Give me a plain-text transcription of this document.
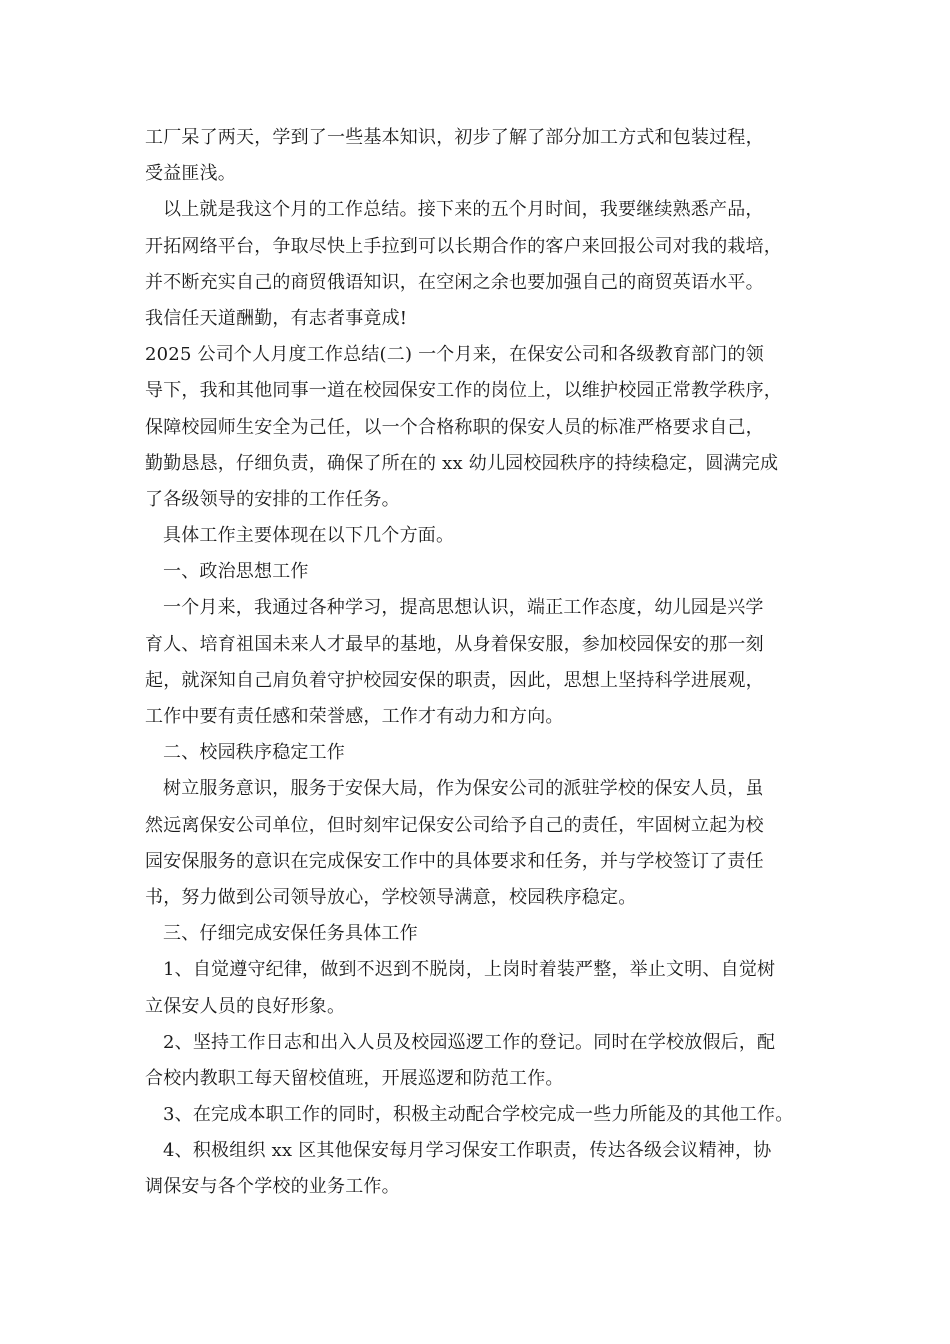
工厂呆了两天，学到了一些基本知识，初步了解了部分加工方式和包装过程，
受益匪浅。
以上就是我这个月的工作总结。接下来的五个月时间，我要继续熟悉产品，
开拓网络平台，争取尽快上手拉到可以长期合作的客户来回报公司对我的栽培，
并不断充实自己的商贸俄语知识，在空闲之余也要加强自己的商贸英语水平。
我信任天道酬勤，有志者事竟成!
2025 公司个人月度工作总结(二) 一个月来，在保安公司和各级教育部门的领
导下，我和其他同事一道在校园保安工作的岗位上，以维护校园正常教学秩序，
保障校园师生安全为己任，以一个合格称职的保安人员的标准严格要求自己，
勤勤恳恳，仔细负责，确保了所在的 xx 幼儿园校园秩序的持续稳定，圆满完成
了各级领导的安排的工作任务。
具体工作主要体现在以下几个方面。
一、政治思想工作
一个月来，我通过各种学习，提高思想认识，端正工作态度，幼儿园是兴学
育人、培育祖国未来人才最早的基地，从身着保安服，参加校园保安的那一刻
起，就深知自己肩负着守护校园安保的职责，因此，思想上坚持科学进展观，
工作中要有责任感和荣誉感，工作才有动力和方向。
二、校园秩序稳定工作
树立服务意识，服务于安保大局，作为保安公司的派驻学校的保安人员，虽
然远离保安公司单位，但时刻牢记保安公司给予自己的责任，牢固树立起为校
园安保服务的意识在完成保安工作中的具体要求和任务，并与学校签订了责任
书，努力做到公司领导放心，学校领导满意，校园秩序稳定。
三、仔细完成安保任务具体工作
1、自觉遵守纪律，做到不迟到不脱岗，上岗时着装严整，举止文明、自觉树
立保安人员的良好形象。
2、坚持工作日志和出入人员及校园巡逻工作的登记。同时在学校放假后，配
合校内教职工每天留校值班，开展巡逻和防范工作。
3、在完成本职工作的同时，积极主动配合学校完成一些力所能及的其他工作。
4、积极组织 xx 区其他保安每月学习保安工作职责，传达各级会议精神，协
调保安与各个学校的业务工作。
